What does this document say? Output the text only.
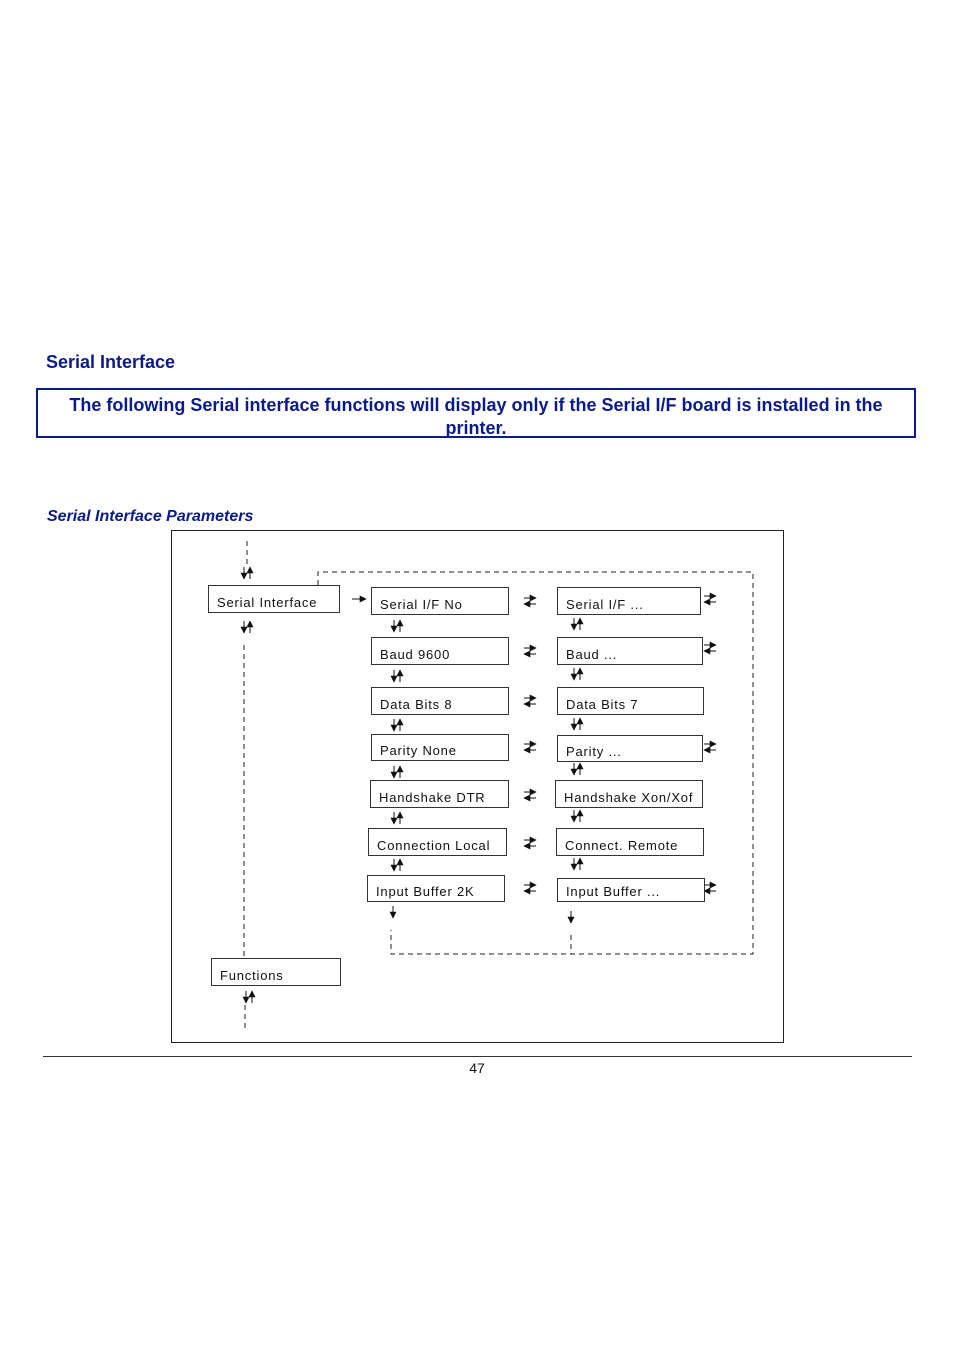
Serial Interface
The following Serial interface functions will display only if the Serial I/F board is installed in the printer.
Serial Interface Parameters
Serial Interface
Functions
Serial I/F No
Baud 9600
Data Bits 8
Parity None
Handshake DTR
Connection Local
Input Buffer 2K
Serial I/F ...
Baud ...
Data Bits 7
Parity ...
Handshake Xon/Xof
Connect. Remote
Input Buffer ...
47
